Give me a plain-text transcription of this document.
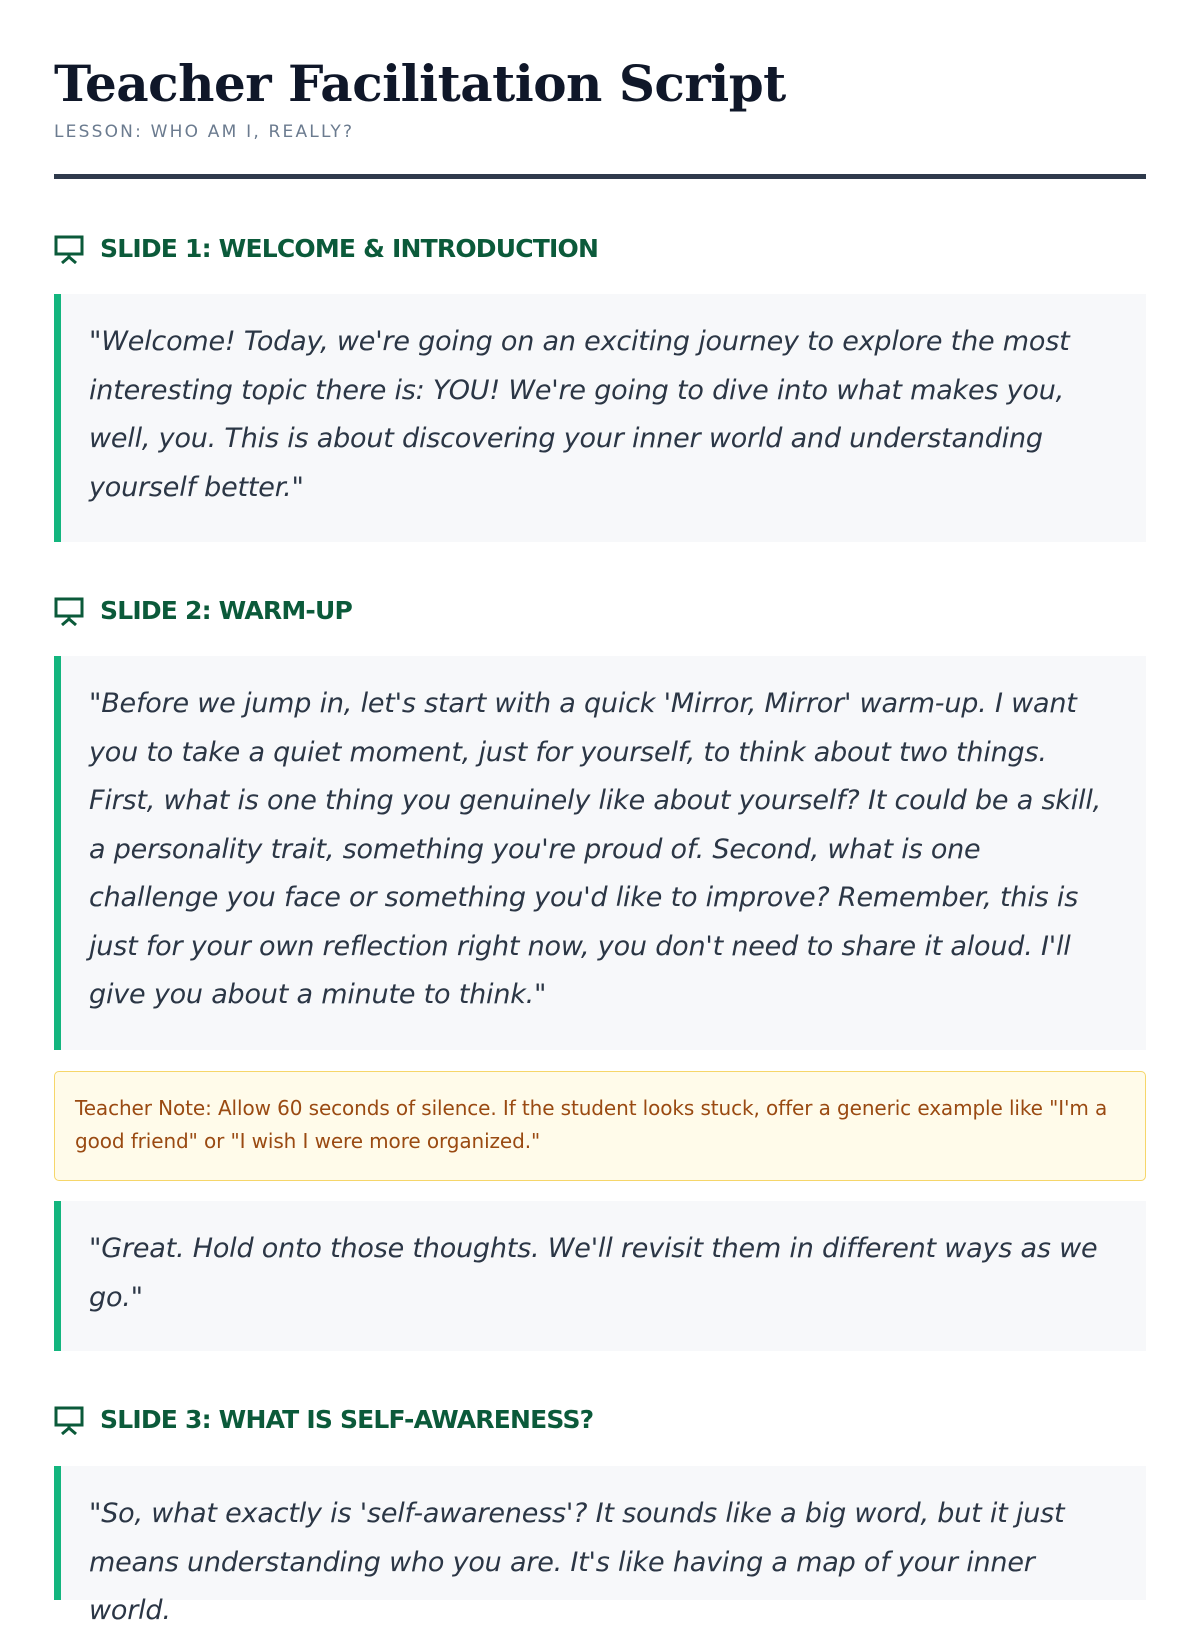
Teacher Facilitation Script
LESSON: WHO AM I, REALLY?
SLIDE 1: WELCOME & INTRODUCTION

"Welcome! Today, we're going on an exciting journey to explore the most interesting topic there is: YOU! We're going to dive into what makes you, well, you. This is about discovering your inner world and understanding yourself better."

SLIDE 2: WARM-UP

"Before we jump in, let's start with a quick 'Mirror, Mirror' warm-up. I want you to take a quiet moment, just for yourself, to think about two things. First, what is one thing you genuinely like about yourself? It could be a skill, a personality trait, something you're proud of. Second, what is one challenge you face or something you'd like to improve? Remember, this is just for your own reflection right now, you don't need to share it aloud. I'll give you about a minute to think."

Teacher Note: Allow 60 seconds of silence. If the student looks stuck, offer a generic example like "I'm a good friend" or "I wish I were more organized."

"Great. Hold onto those thoughts. We'll revisit them in different ways as we go."

SLIDE 3: WHAT IS SELF-AWARENESS?

"So, what exactly is 'self-awareness'? It sounds like a big word, but it just means understanding who you are. It's like having a map of your inner world.
